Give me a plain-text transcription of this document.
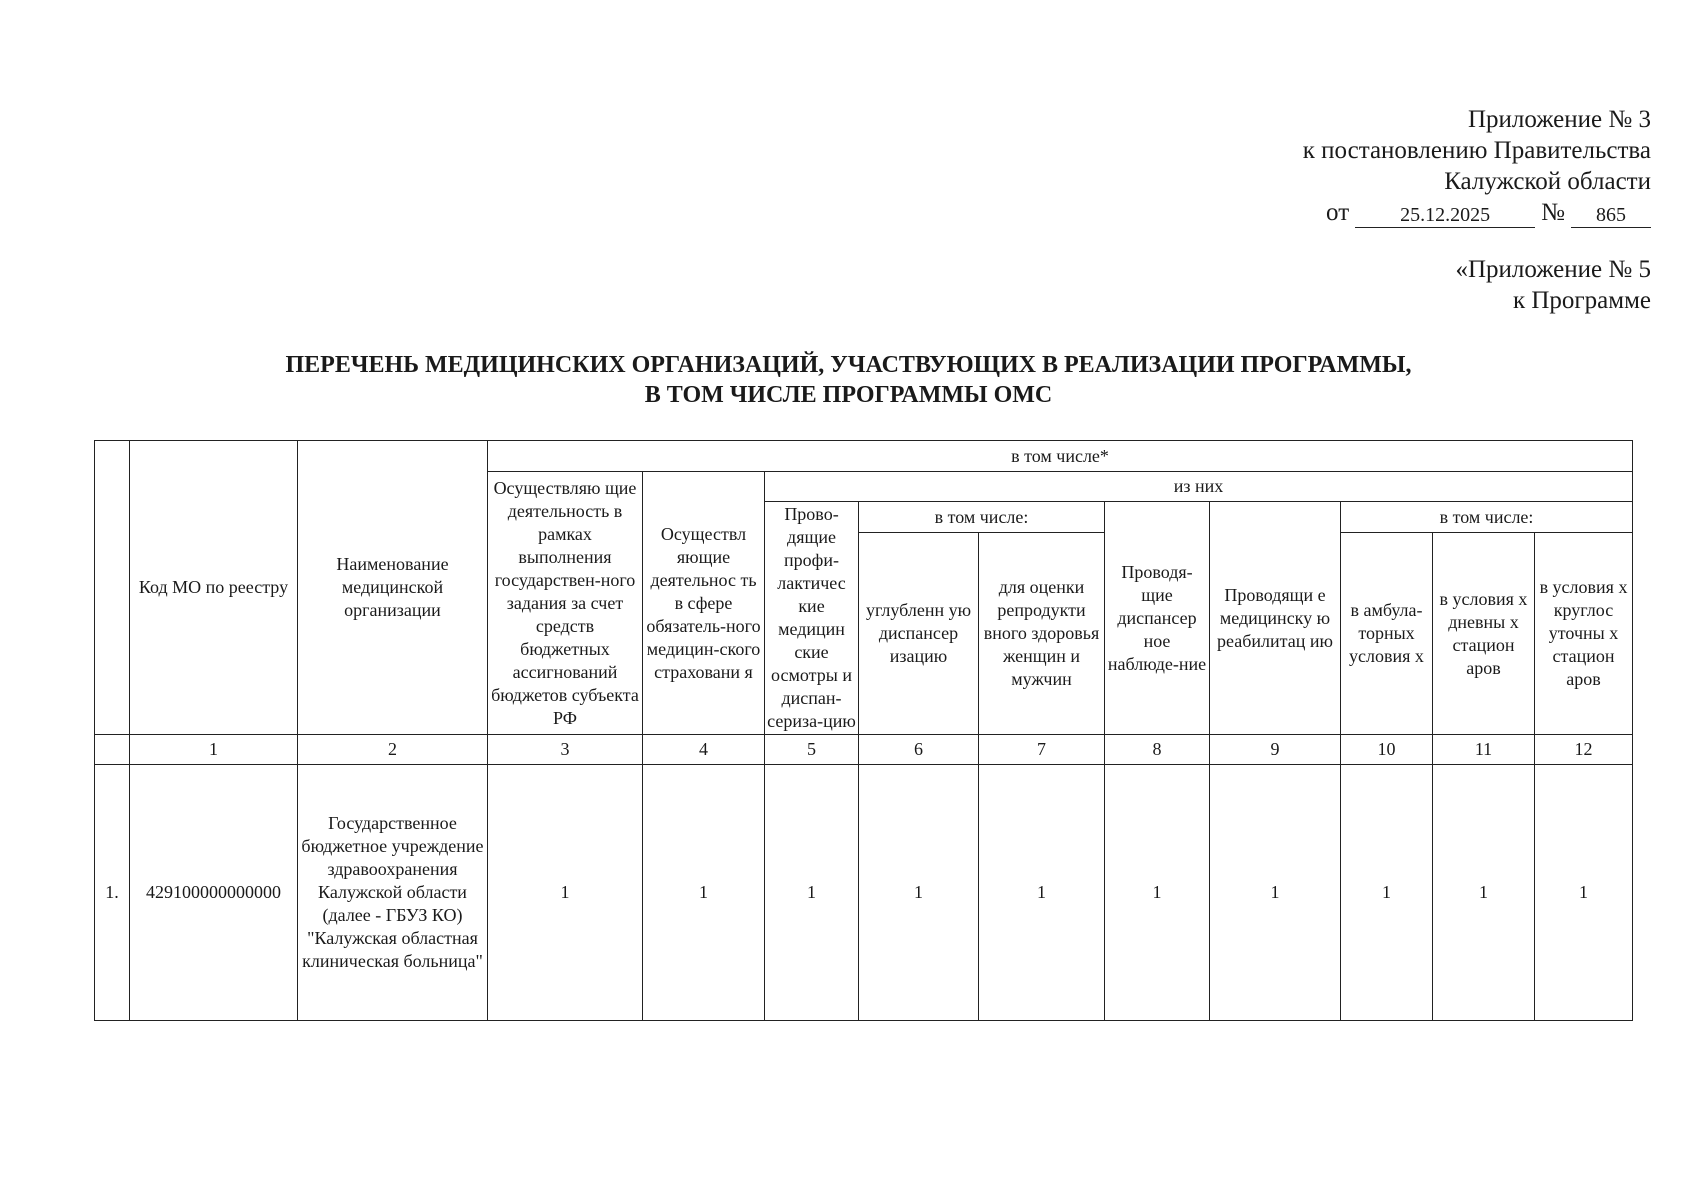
Приложение № 3
к постановлению Правительства
Калужской области
от	25.12.2025	№	865
«Приложение № 5
к Программе
ПЕРЕЧЕНЬ МЕДИЦИНСКИХ ОРГАНИЗАЦИЙ, УЧАСТВУЮЩИХ В РЕАЛИЗАЦИИ ПРОГРАММЫ,
В ТОМ ЧИСЛЕ ПРОГРАММЫ ОМС
	Код МО по реестру	Наименование медицинской организации	в том числе*									
			Осуществляю щие деятельность в рамках выполнения государствен-ного задания за счет средств бюджетных ассигнований бюджетов субъекта РФ	Осуществл яющие деятельнос ть в сфере обязатель-ного медицин-ского страховани я	из них							
					Прово-дящие профи-лактичес кие медицин ские осмотры и диспан-сериза-цию	в том числе:		Проводя-щие диспансер ное наблюде-ние	Проводящи е медицинску ю реабилитац ию	в том числе:		
						углубленн ую диспансер изацию	для оценки репродукти вного здоровья женщин и мужчин			в амбула-торных условия х	в условия х дневны х стацион аров	в условия х круглос уточны х стацион аров
	1	2	3	4	5	6	7	8	9	10	11	12
1.	429100000000000	Государственное бюджетное учреждение здравоохранения Калужской области (далее - ГБУЗ КО) "Калужская областная клиническая больница"	1	1	1	1	1	1	1	1	1	1
